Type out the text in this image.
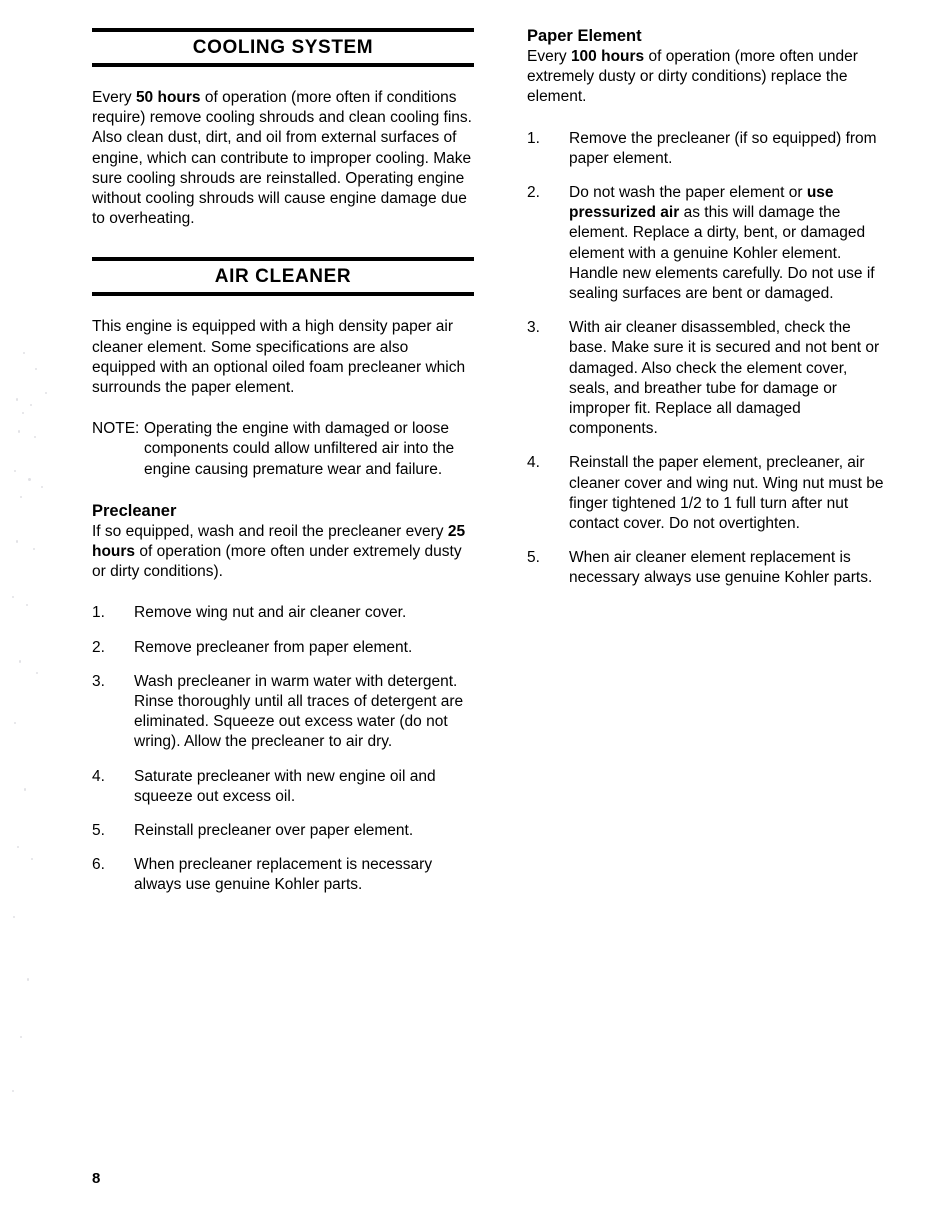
COOLING SYSTEM

Every 50 hours of operation (more often if conditions require) remove cooling shrouds and clean cooling fins. Also clean dust, dirt, and oil from external surfaces of engine, which can contribute to improper cooling. Make sure cooling shrouds are reinstalled. Operating engine without cooling shrouds will cause engine damage due to overheating.

AIR CLEANER

This engine is equipped with a high density paper air cleaner element. Some specifications are also equipped with an optional oiled foam precleaner which surrounds the paper element.

NOTE: Operating the engine with damaged or loose components could allow unfiltered air into the engine causing premature wear and failure.
Precleaner

If so equipped, wash and reoil the precleaner every 25 hours of operation (more often under extremely dusty or dirty conditions).

1. Remove wing nut and air cleaner cover.
2. Remove precleaner from paper element.
3. Wash precleaner in warm water with detergent. Rinse thoroughly until all traces of detergent are eliminated. Squeeze out excess water (do not wring). Allow the precleaner to air dry.
4. Saturate precleaner with new engine oil and squeeze out excess oil.
5. Reinstall precleaner over paper element.
6. When precleaner replacement is necessary always use genuine Kohler parts.
Paper Element

Every 100 hours of operation (more often under extremely dusty or dirty conditions) replace the element.

1. Remove the precleaner (if so equipped) from paper element.
2. Do not wash the paper element or use pressurized air as this will damage the element. Replace a dirty, bent, or damaged element with a genuine Kohler element. Handle new elements carefully. Do not use if sealing surfaces are bent or damaged.
3. With air cleaner disassembled, check the base. Make sure it is secured and not bent or damaged. Also check the element cover, seals, and breather tube for damage or improper fit. Replace all damaged components.
4. Reinstall the paper element, precleaner, air cleaner cover and wing nut. Wing nut must be finger tightened 1/2 to 1 full turn after nut contact cover. Do not overtighten.
5. When air cleaner element replacement is necessary always use genuine Kohler parts.
8
